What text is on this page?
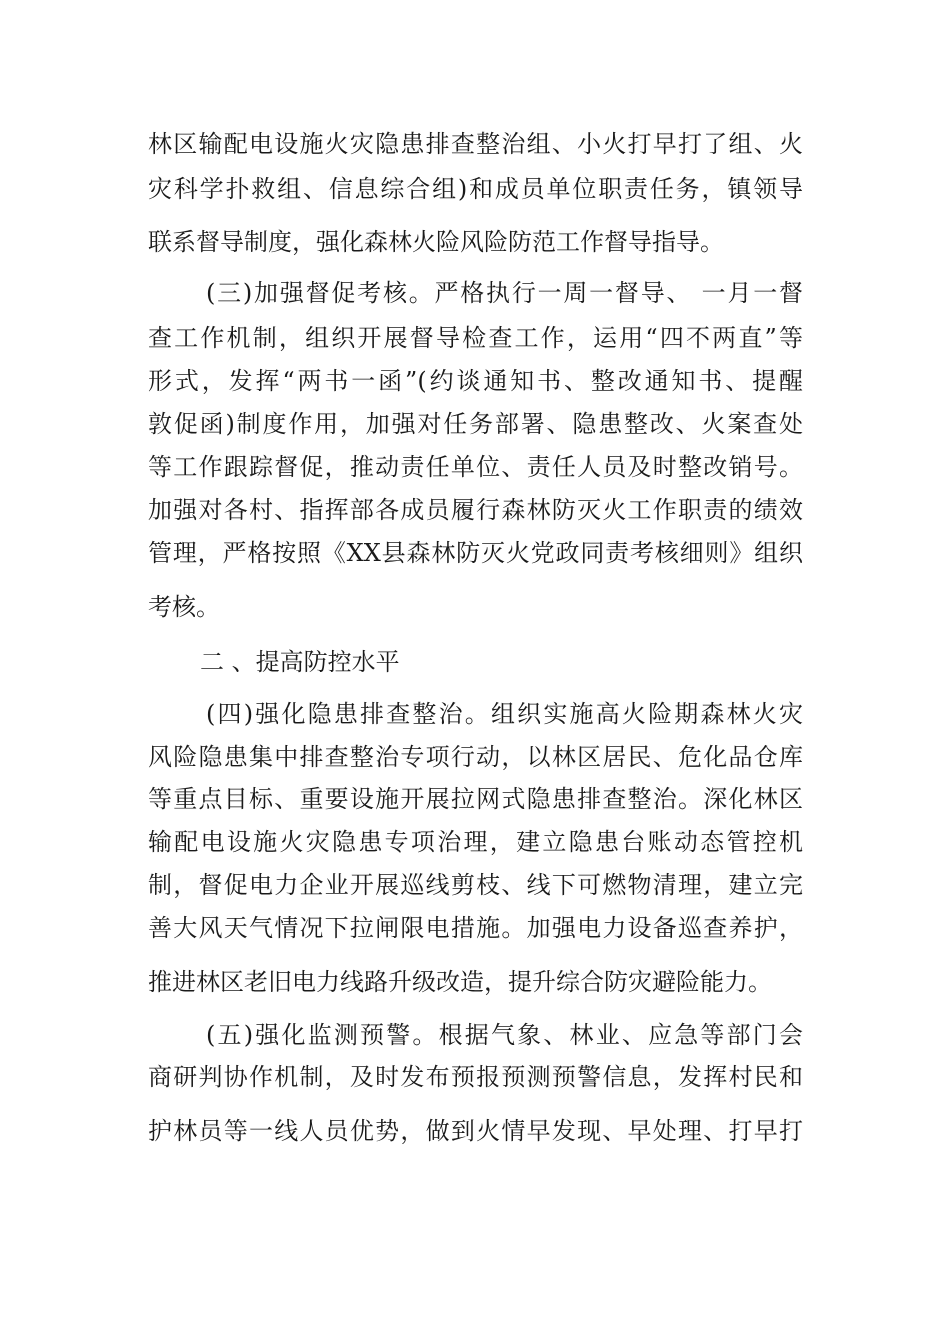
林区输配电设施火灾隐患排查整治组、小火打早打了组、火
灾科学扑救组、信息综合组)和成员单位职责任务，镇领导
联系督导制度，强化森林火险风险防范工作督导指导。
(三)加强督促考核。严格执行一周一督导、 一月一督
查工作机制，组织开展督导检查工作，运用“四不两直”等
形式，发挥“两书一函”(约谈通知书、整改通知书、提醒
敦促函)制度作用，加强对任务部署、隐患整改、火案查处
等工作跟踪督促，推动责任单位、责任人员及时整改销号。
加强对各村、指挥部各成员履行森林防灭火工作职责的绩效
管理，严格按照《XX县森林防灭火党政同责考核细则》组织
考核。
二 、提高防控水平
(四)强化隐患排查整治。组织实施高火险期森林火灾
风险隐患集中排查整治专项行动，以林区居民、危化品仓库
等重点目标、重要设施开展拉网式隐患排查整治。深化林区
输配电设施火灾隐患专项治理，建立隐患台账动态管控机
制，督促电力企业开展巡线剪枝、线下可燃物清理，建立完
善大风天气情况下拉闸限电措施。加强电力设备巡查养护，
推进林区老旧电力线路升级改造，提升综合防灾避险能力。
(五)强化监测预警。根据气象、林业、应急等部门会
商研判协作机制，及时发布预报预测预警信息，发挥村民和
护林员等一线人员优势，做到火情早发现、早处理、打早打
